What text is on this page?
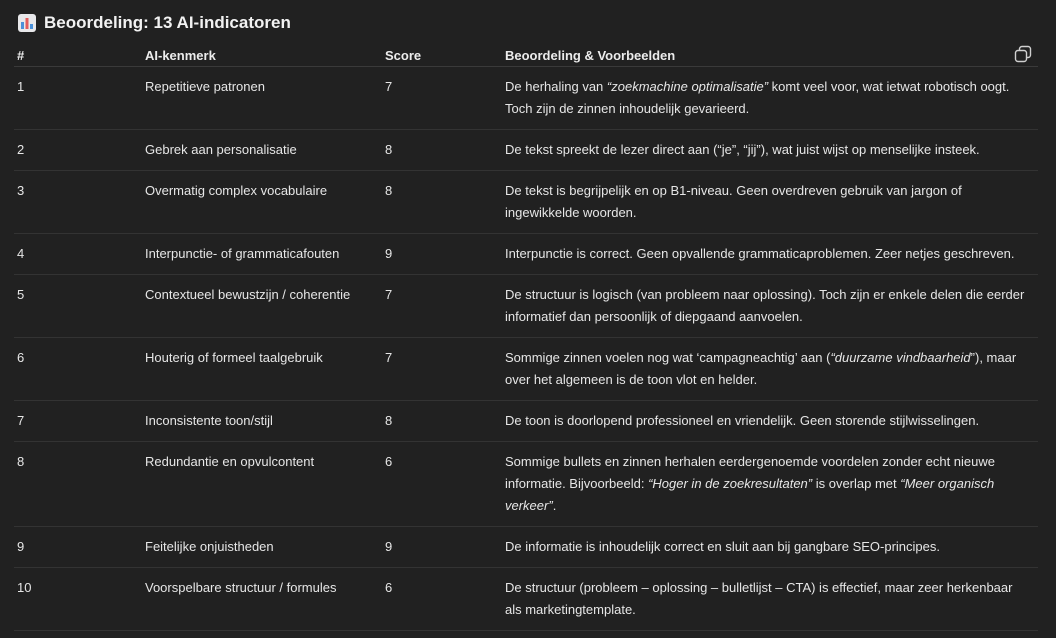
Beoordeling: 13 AI-indicatoren
#	AI-kenmerk	Score	Beoordeling & Voorbeelden
1	Repetitieve patronen	7	De herhaling van “zoekmachine optimalisatie” komt veel voor, wat ietwat robotisch oogt. Toch zijn de zinnen inhoudelijk gevarieerd.
2	Gebrek aan personalisatie	8	De tekst spreekt de lezer direct aan (“je”, “jij”), wat juist wijst op menselijke insteek.
3	Overmatig complex vocabulaire	8	De tekst is begrijpelijk en op B1-niveau. Geen overdreven gebruik van jargon of ingewikkelde woorden.
4	Interpunctie- of grammaticafouten	9	Interpunctie is correct. Geen opvallende grammaticaproblemen. Zeer netjes geschreven.
5	Contextueel bewustzijn / coherentie	7	De structuur is logisch (van probleem naar oplossing). Toch zijn er enkele delen die eerder informatief dan persoonlijk of diepgaand aanvoelen.
6	Houterig of formeel taalgebruik	7	Sommige zinnen voelen nog wat ‘campagneachtig’ aan (“duurzame vindbaarheid”), maar over het algemeen is de toon vlot en helder.
7	Inconsistente toon/stijl	8	De toon is doorlopend professioneel en vriendelijk. Geen storende stijlwisselingen.
8	Redundantie en opvulcontent	6	Sommige bullets en zinnen herhalen eerdergenoemde voordelen zonder echt nieuwe informatie. Bijvoorbeeld: “Hoger in de zoekresultaten” is overlap met “Meer organisch verkeer”.
9	Feitelijke onjuistheden	9	De informatie is inhoudelijk correct en sluit aan bij gangbare SEO-principes.
10	Voorspelbare structuur / formules	6	De structuur (probleem – oplossing – bulletlijst – CTA) is effectief, maar zeer herkenbaar als marketingtemplate.
